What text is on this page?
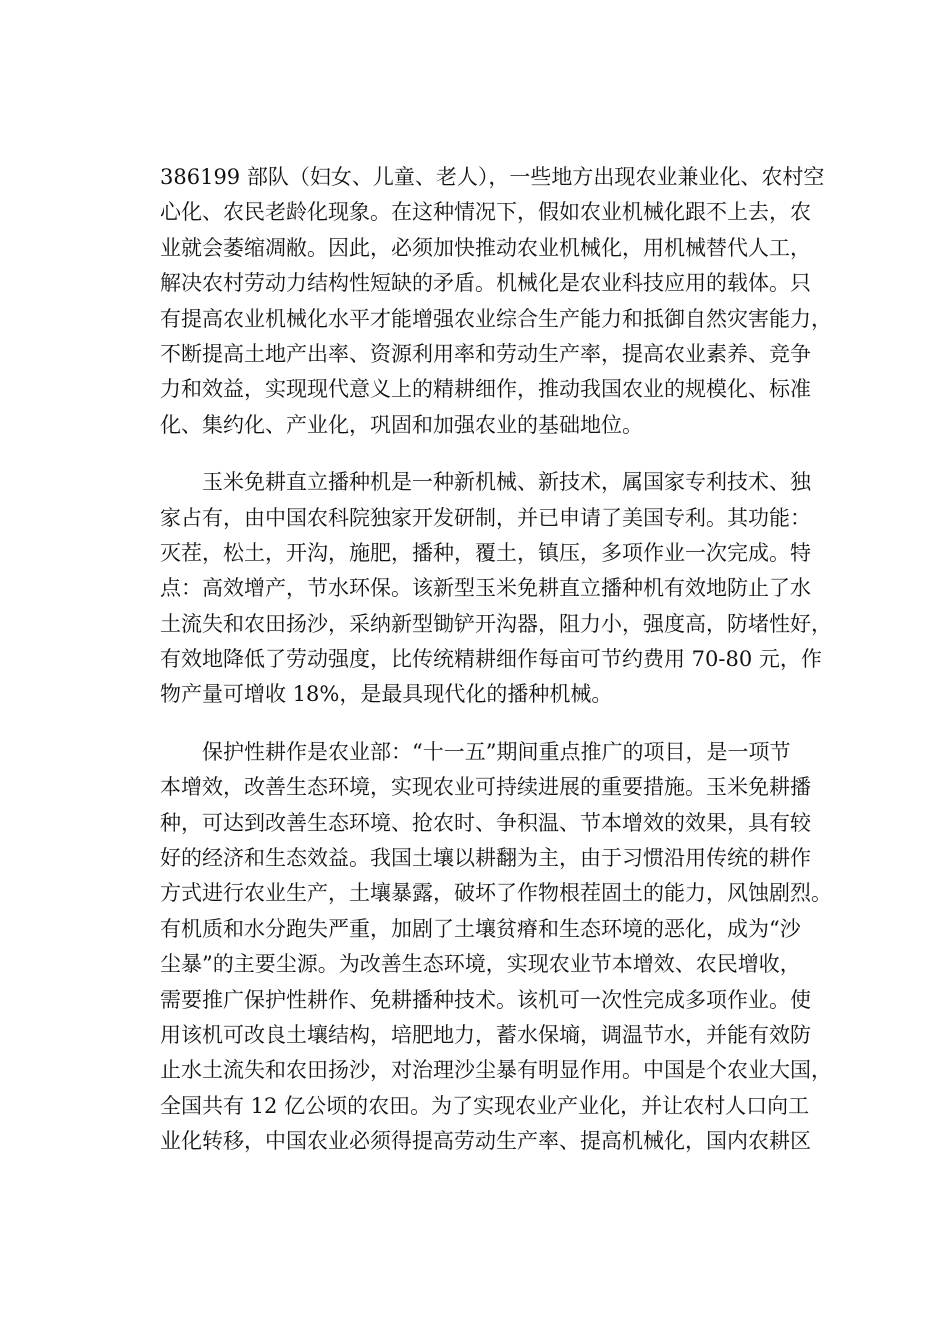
386199 部队（妇女、儿童、老人），一些地方出现农业兼业化、农村空
心化、农民老龄化现象。在这种情况下，假如农业机械化跟不上去，农
业就会萎缩凋敝。因此，必须加快推动农业机械化，用机械替代人工，
解决农村劳动力结构性短缺的矛盾。机械化是农业科技应用的载体。只
有提高农业机械化水平才能增强农业综合生产能力和抵御自然灾害能力，
不断提高土地产出率、资源利用率和劳动生产率，提高农业素养、竞争
力和效益，实现现代意义上的精耕细作，推动我国农业的规模化、标准
化、集约化、产业化，巩固和加强农业的基础地位。
　　玉米免耕直立播种机是一种新机械、新技术，属国家专利技术、独
家占有，由中国农科院独家开发研制，并已申请了美国专利。其功能：
灭茬，松土，开沟，施肥，播种，覆土，镇压，多项作业一次完成。特
点：高效增产，节水环保。该新型玉米免耕直立播种机有效地防止了水
土流失和农田扬沙，采纳新型锄铲开沟器，阻力小，强度高，防堵性好，
有效地降低了劳动强度，比传统精耕细作每亩可节约费用 70-80 元，作
物产量可增收 18%，是最具现代化的播种机械。
　　保护性耕作是农业部：“十一五”期间重点推广的项目，是一项节
本增效，改善生态环境，实现农业可持续进展的重要措施。玉米免耕播
种，可达到改善生态环境、抢农时、争积温、节本增效的效果，具有较
好的经济和生态效益。我国土壤以耕翻为主，由于习惯沿用传统的耕作
方式进行农业生产，土壤暴露，破坏了作物根茬固土的能力，风蚀剧烈。
有机质和水分跑失严重，加剧了土壤贫瘠和生态环境的恶化，成为“沙
尘暴”的主要尘源。为改善生态环境，实现农业节本增效、农民增收，
需要推广保护性耕作、免耕播种技术。该机可一次性完成多项作业。使
用该机可改良土壤结构，培肥地力，蓄水保墒，调温节水，并能有效防
止水土流失和农田扬沙，对治理沙尘暴有明显作用。中国是个农业大国，
全国共有 12 亿公顷的农田。为了实现农业产业化，并让农村人口向工
业化转移，中国农业必须得提高劳动生产率、提高机械化，国内农耕区
